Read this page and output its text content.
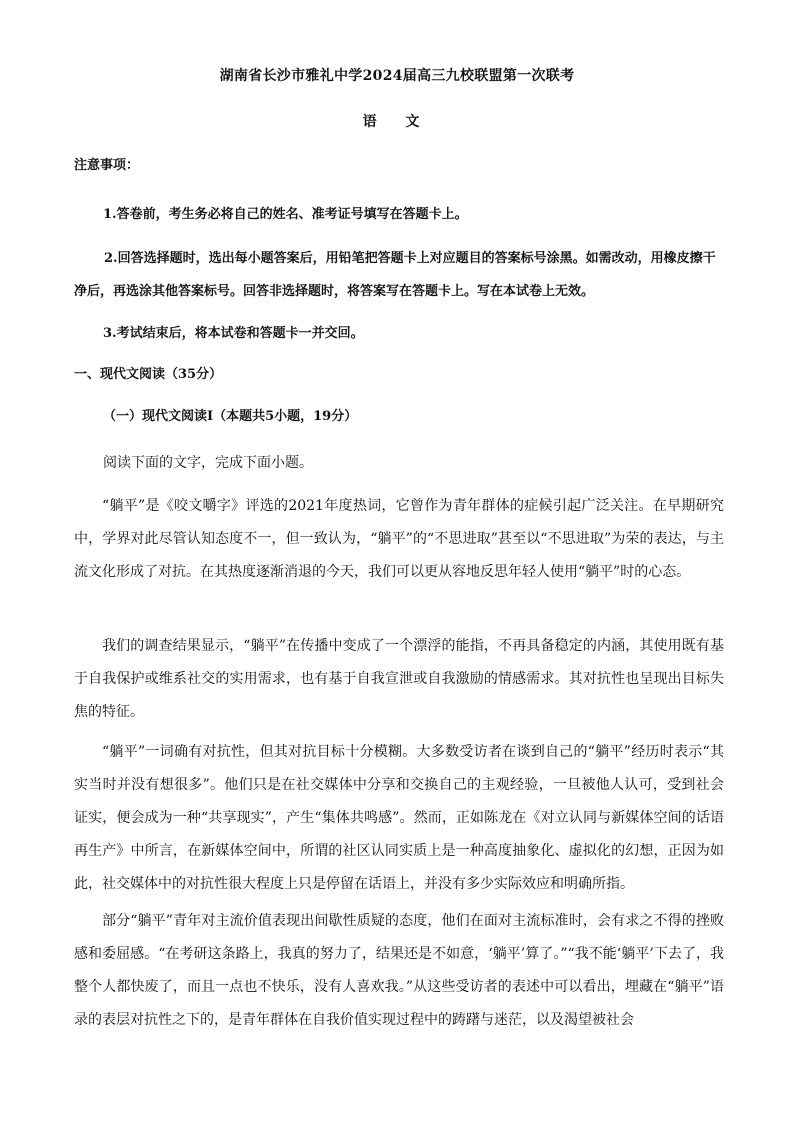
湖南省长沙市雅礼中学2024届高三九校联盟第一次联考
语 文
注意事项：
1.答卷前，考生务必将自己的姓名、准考证号填写在答题卡上。
2.回答选择题时，选出每小题答案后，用铅笔把答题卡上对应题目的答案标号涂黑。如需改动，用橡皮擦干净后，再选涂其他答案标号。回答非选择题时，将答案写在答题卡上。写在本试卷上无效。
3.考试结束后，将本试卷和答题卡一并交回。
一、现代文阅读（35分）
（一）现代文阅读Ⅰ（本题共5小题，19分）
阅读下面的文字，完成下面小题。
“躺平”是《咬文嚼字》评选的2021年度热词，它曾作为青年群体的症候引起广泛关注。在早期研究中，学界对此尽管认知态度不一，但一致认为，“躺平”的“不思进取”甚至以“不思进取”为荣的表达，与主流文化形成了对抗。在其热度逐渐消退的今天，我们可以更从容地反思年轻人使用“躺平”时的心态。
我们的调查结果显示，“躺平”在传播中变成了一个漂浮的能指，不再具备稳定的内涵，其使用既有基于自我保护或维系社交的实用需求，也有基于自我宣泄或自我激励的情感需求。其对抗性也呈现出目标失焦的特征。
“躺平”一词确有对抗性，但其对抗目标十分模糊。大多数受访者在谈到自己的“躺平”经历时表示“其实当时并没有想很多”。他们只是在社交媒体中分享和交换自己的主观经验，一旦被他人认可，受到社会证实，便会成为一种“共享现实”，产生“集体共鸣感”。然而，正如陈龙在《对立认同与新媒体空间的话语再生产》中所言，在新媒体空间中，所谓的社区认同实质上是一种高度抽象化、虚拟化的幻想，正因为如此，社交媒体中的对抗性很大程度上只是停留在话语上，并没有多少实际效应和明确所指。
部分“躺平”青年对主流价值表现出间歇性质疑的态度，他们在面对主流标准时，会有求之不得的挫败感和委屈感。“在考研这条路上，我真的努力了，结果还是不如意，‘躺平’算了。”“我不能‘躺平’下去了，我整个人都快废了，而且一点也不快乐，没有人喜欢我。”从这些受访者的表述中可以看出，埋藏在“躺平”语录的表层对抗性之下的，是青年群体在自我价值实现过程中的踌躇与迷茫，以及渴望被社会
